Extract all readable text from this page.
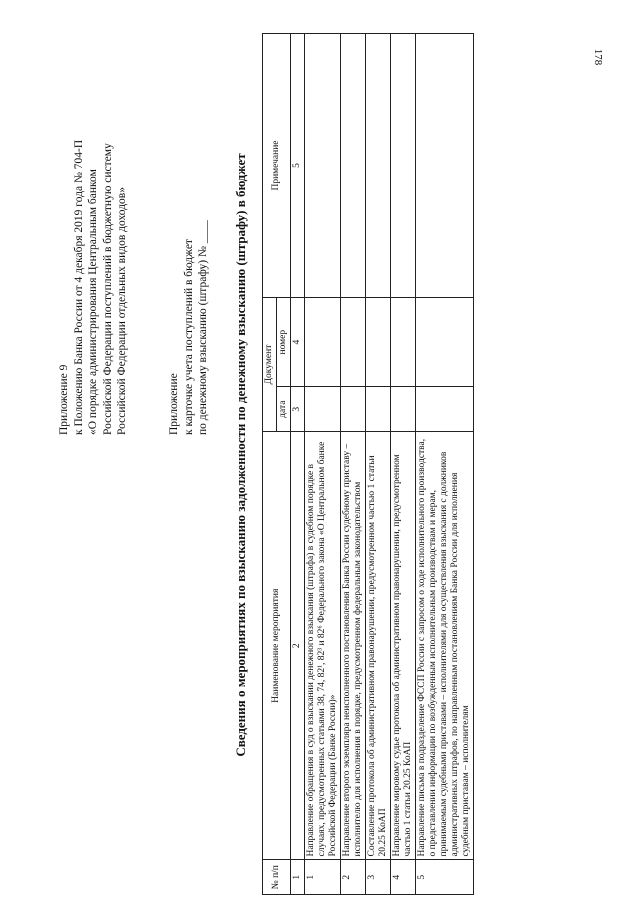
178

Приложение 9 к Положению Банка России от 4 декабря 2019 года № 704-П «О порядке администрирования Центральным банком Российской Федерации поступлений в бюджетную систему Российской Федерации отдельных видов доходов»	Приложение к карточке учета поступлений в бюджет по денежному взысканию (штрафу) № ____ Сведения о мероприятиях по взысканию задолженности по денежному взысканию (штрафу) в бюджет
№ п/п	Наименование мероприятия	Документ		Примечание
		дата	номер	
1	2	3	4	5
1	Направление обращения в суд о взыскании денежного взыскания (штрафа) в судебном порядке в случаях, предусмотренных статьями 38, 74, 82¹, 82³ и 82⁶ Федерального закона «О Центральном банке Российской Федерации (Банке России)»			
2	Направление второго экземпляра неисполненного постановления Банка России судебному приставу – исполнителю для исполнения в порядке, предусмотренном федеральным законодательством			
3	Составление протокола об административном правонарушении, предусмотренном частью 1 статьи 20.25 КоАП			
4	Направление мировому судье протокола об административном правонарушении, предусмотренном частью 1 статьи 20.25 КоАП			
5	Направление письма в подразделение ФССП России с запросом о ходе исполнительного производства, о представлении информации по возбужденным исполнительным производствам и мерам, принимаемым судебными приставами – исполнителями для осуществления взыскания с должников административных штрафов, по направленным постановлениям Банка России для исполнения судебным приставам – исполнителям			
